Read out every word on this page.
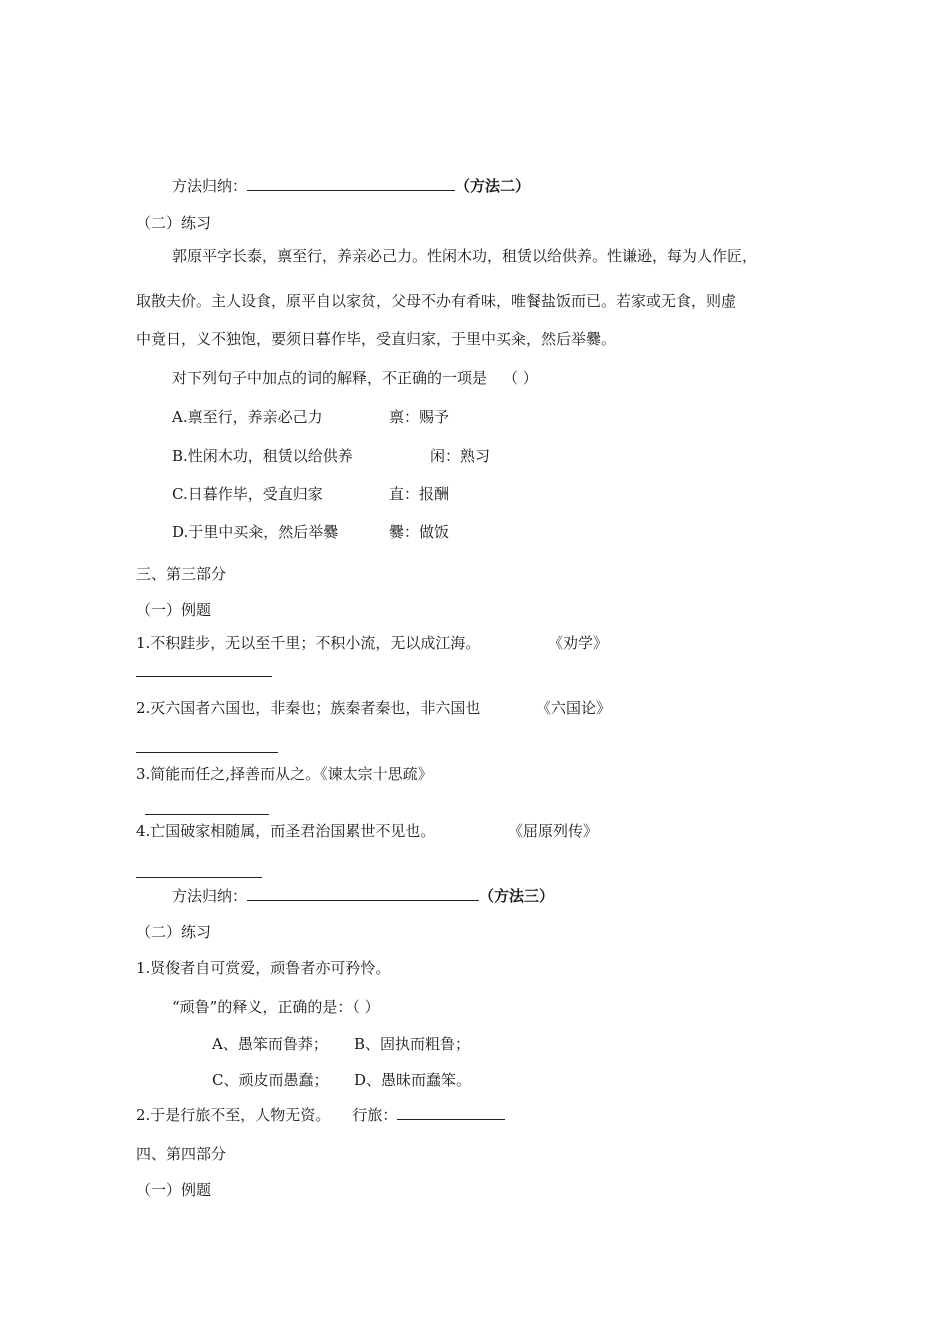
方法归纳：	（方法二）
（二）练习
郭原平字长泰，禀至行，养亲必己力。性闲木功，租赁以给供养。性谦逊，每为人作匠，
取散夫价。主人设食，原平自以家贫，父母不办有肴味，唯餐盐饭而已。若家或无食，则虚
中竟日，义不独饱，要须日暮作毕，受直归家，于里中买籴，然后举爨。
对下列句子中加点的词的解释，不正确的一项是 （ ）
A.禀至行，养亲必己力	禀：赐予
B.性闲木功，租赁以给供养	闲：熟习
C.日暮作毕，受直归家	直：报酬
D.于里中买籴，然后举爨	爨：做饭
三、第三部分
（一）例题
1.不积跬步，无以至千里；不积小流，无以成江海。	《劝学》
2.灭六国者六国也，非秦也；族秦者秦也，非六国也	《六国论》
3.简能而任之,择善而从之。《谏太宗十思疏》
4.亡国破家相随属，而圣君治国累世不见也。	《屈原列传》
方法归纳：	（方法三）
（二）练习
1.贤俊者自可赏爱，顽鲁者亦可矜怜。
“顽鲁”的释义，正确的是：（ ）
A、愚笨而鲁莽； B、固执而粗鲁；
C、顽皮而愚蠢； D、愚昧而蠢笨。
2.于是行旅不至，人物无资。 行旅：
四、第四部分
（一）例题
